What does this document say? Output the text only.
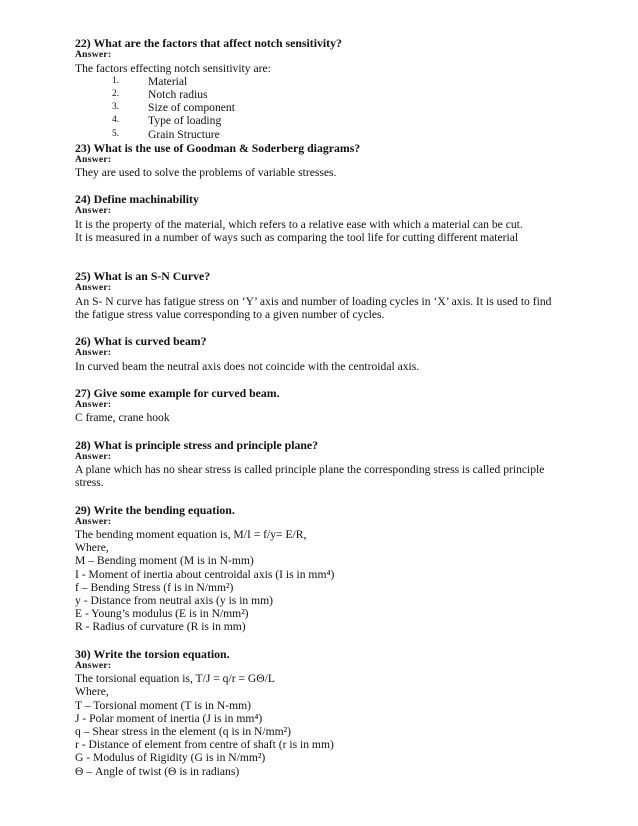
22) What are the factors that affect notch sensitivity?
Answer:
The factors effecting notch sensitivity are:
1. Material
2. Notch radius
3. Size of component
4. Type of loading
5. Grain Structure
23) What is the use of Goodman & Soderberg diagrams?
Answer:
They are used to solve the problems of variable stresses.
24) Define machinability
Answer:
It is the property of the material, which refers to a relative ease with which a material can be cut.
It is measured in a number of ways such as comparing the tool life for cutting different material
25) What is an S-N Curve?
Answer:
An S- N curve has fatigue stress on ‘Y’ axis and number of loading cycles in ‘X’ axis. It is used to find the fatigue stress value corresponding to a given number of cycles.
26) What is curved beam?
Answer:
In curved beam the neutral axis does not coincide with the centroidal axis.
27) Give some example for curved beam.
Answer:
C frame, crane hook
28) What is principle stress and principle plane?
Answer:
A plane which has no shear stress is called principle plane the corresponding stress is called principle stress.
29) Write the bending equation.
Answer:
The bending moment equation is, M/I = f/y= E/R,
Where,
M – Bending moment (M is in N-mm)
I - Moment of inertia about centroidal axis (I is in mm⁴)
f – Bending Stress (f is in N/mm²)
y - Distance from neutral axis (y is in mm)
E - Young’s modulus (E is in N/mm²)
R - Radius of curvature (R is in mm)
30) Write the torsion equation.
Answer:
The torsional equation is, T/J = q/r = GΘ/L
Where,
T – Torsional moment (T is in N-mm)
J - Polar moment of inertia (J is in mm⁴)
q – Shear stress in the element (q is in N/mm²)
r - Distance of element from centre of shaft (r is in mm)
G - Modulus of Rigidity (G is in N/mm²)
Θ – Angle of twist (Θ is in radians)
